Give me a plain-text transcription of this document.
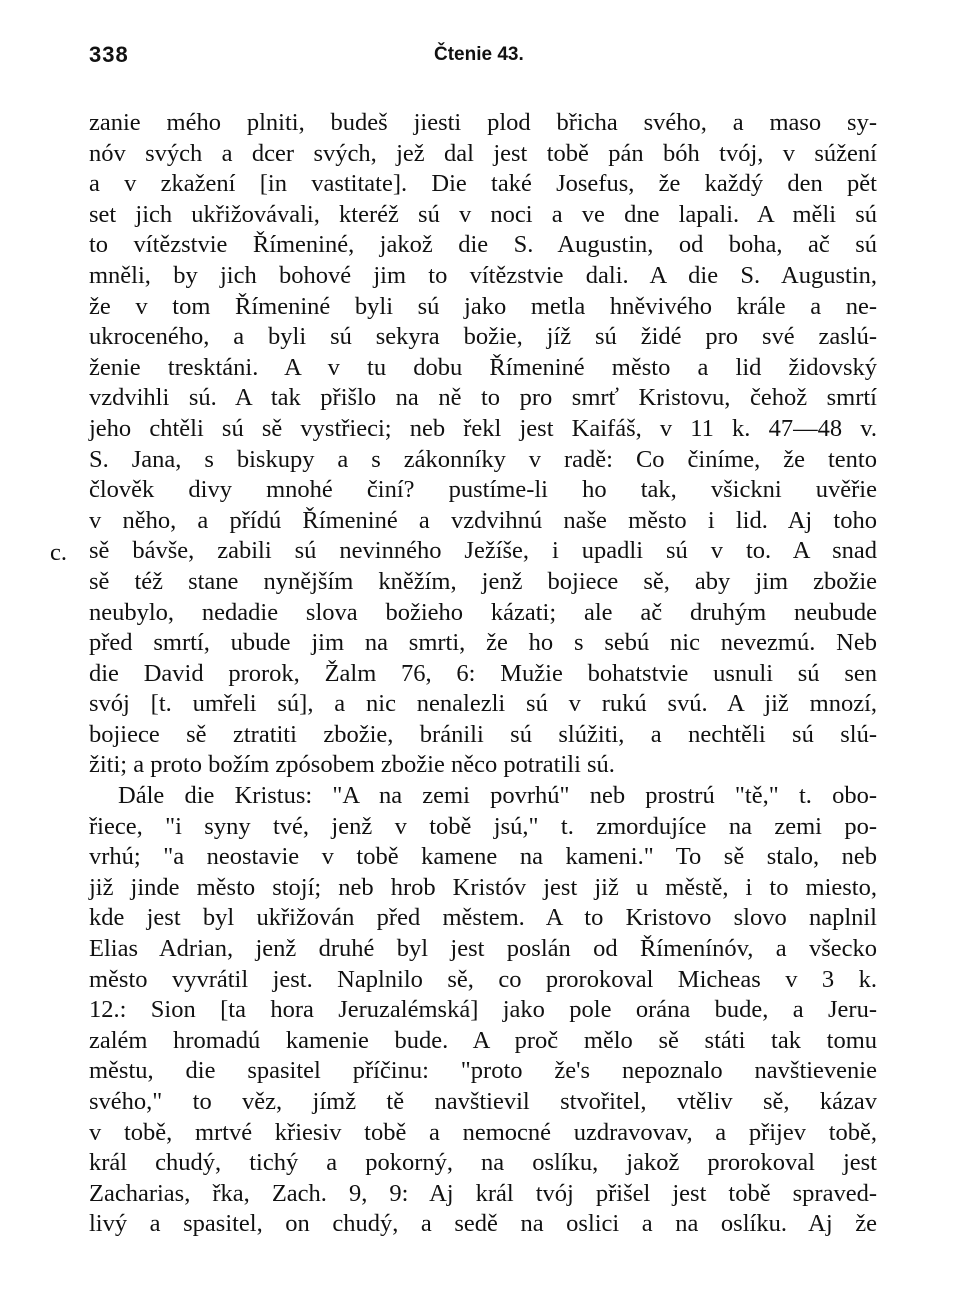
338	Čtenie 43.
c.
zanie mého plniti, budeš jiesti plod břicha svého, a maso sy-
nóv svých a dcer svých, jež dal jest tobě pán bóh tvój, v súžení
a v zkažení [in vastitate]. Die také Josefus, že každý den pět
set jich ukřižovávali, kteréž sú v noci a ve dne lapali. A měli sú
to vítězstvie Římeniné, jakož die S. Augustin, od boha, ač sú
mněli, by jich bohové jim to vítězstvie dali. A die S. Augustin,
že v tom Římeniné byli sú jako metla hněvivého krále a ne-
ukroceného, a byli sú sekyra božie, jíž sú židé pro své zaslú-
ženie tresktáni. A v tu dobu Římeniné město a lid židovský
vzdvihli sú. A tak přišlo na ně to pro smrť Kristovu, čehož smrtí
jeho chtěli sú sě vystřieci; neb řekl jest Kaifáš, v 11 k. 47—48 v.
S. Jana, s biskupy a s zákonníky v radě: Co činíme, že tento
člověk divy mnohé činí? pustíme-li ho tak, všickni uvěřie
v něho, a přídú Římeniné a vzdvihnú naše město i lid. Aj toho
sě bávše, zabili sú nevinného Ježíše, i upadli sú v to. A snad
sě též stane nynějším kněžím, jenž bojiece sě, aby jim zbožie
neubylo, nedadie slova božieho kázati; ale ač druhým neubude
před smrtí, ubude jim na smrti, že ho s sebú nic nevezmú. Neb
die David prorok, Žalm 76, 6: Mužie bohatstvie usnuli sú sen
svój [t. umřeli sú], a nic nenalezli sú v rukú svú. A již mnozí,
bojiece sě ztratiti zbožie, bránili sú slúžiti, a nechtěli sú slú-
žiti; a proto božím zpósobem zbožie něco potratili sú.
Dále die Kristus: "A na zemi povrhú" neb prostrú "tě," t. obo-
řiece, "i syny tvé, jenž v tobě jsú," t. zmordujíce na zemi po-
vrhú; "a neostavie v tobě kamene na kameni." To sě stalo, neb
již jinde město stojí; neb hrob Kristóv jest již u městě, i to miesto,
kde jest byl ukřižován před městem. A to Kristovo slovo naplnil
Elias Adrian, jenž druhé byl jest poslán od Římenínóv, a všecko
město vyvrátil jest. Naplnilo sě, co prorokoval Micheas v 3 k.
12.: Sion [ta hora Jeruzalémská] jako pole orána bude, a Jeru-
zalém hromadú kamenie bude. A proč mělo sě státi tak tomu
městu, die spasitel příčinu: "proto že's nepoznalo navštievenie
svého," to věz, jímž tě navštievil stvořitel, vtěliv sě, kázav
v tobě, mrtvé křiesiv tobě a nemocné uzdravovav, a přijev tobě,
král chudý, tichý a pokorný, na oslíku, jakož prorokoval jest
Zacharias, řka, Zach. 9, 9: Aj král tvój přišel jest tobě spraved-
livý a spasitel, on chudý, a sedě na oslici a na oslíku. Aj že
